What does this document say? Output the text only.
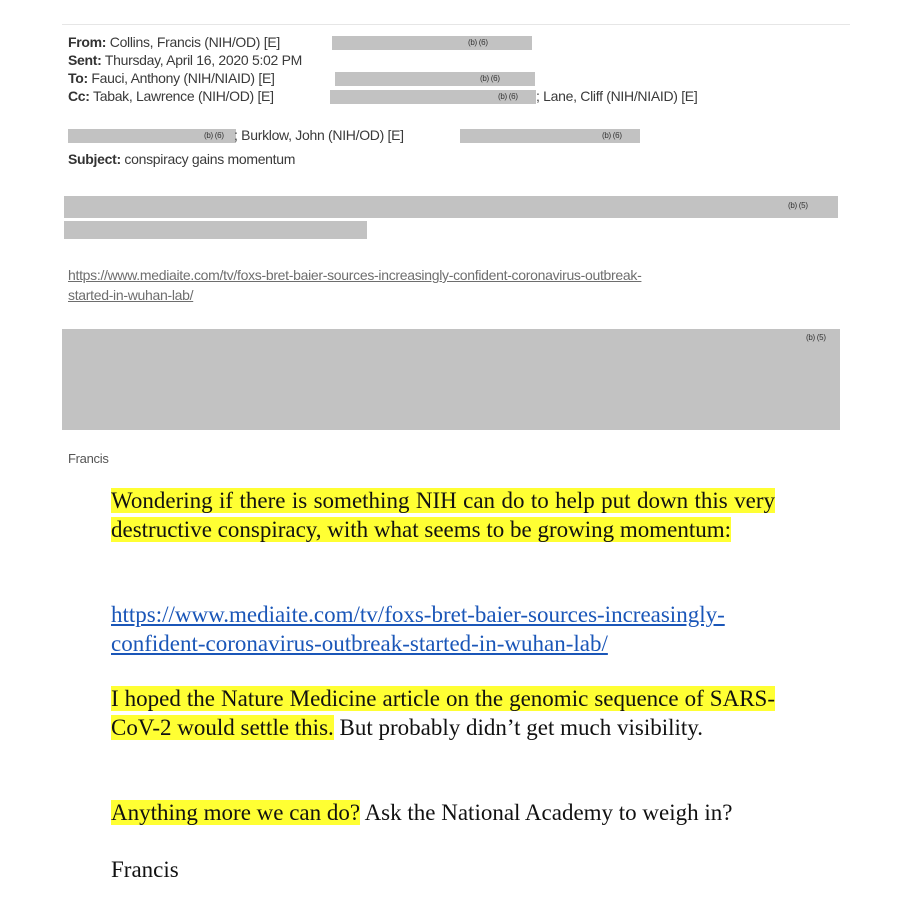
From: Collins, Francis (NIH/OD) [E]	(b) (6)
Sent: Thursday, April 16, 2020 5:02 PM
To: Fauci, Anthony (NIH/NIAID) [E]	(b) (6)
Cc: Tabak, Lawrence (NIH/OD) [E]	(b) (6) ; Lane, Cliff (NIH/NIAID) [E]
(b) (6) ; Burklow, John (NIH/OD) [E]	(b) (6)
Subject: conspiracy gains momentum
(b) (5)
https://www.mediaite.com/tv/foxs-bret-baier-sources-increasingly-confident-coronavirus-outbreak-
started-in-wuhan-lab/
(b) (5)
Francis
Wondering if there is something NIH can do to help put down this very destructive conspiracy, with what seems to be growing momentum:
https://www.mediaite.com/tv/foxs-bret-baier-sources-increasingly-
confident-coronavirus-outbreak-started-in-wuhan-lab/
I hoped the Nature Medicine article on the genomic sequence of SARS-CoV-2 would settle this. But probably didn’t get much visibility.
Anything more we can do? Ask the National Academy to weigh in?
Francis
